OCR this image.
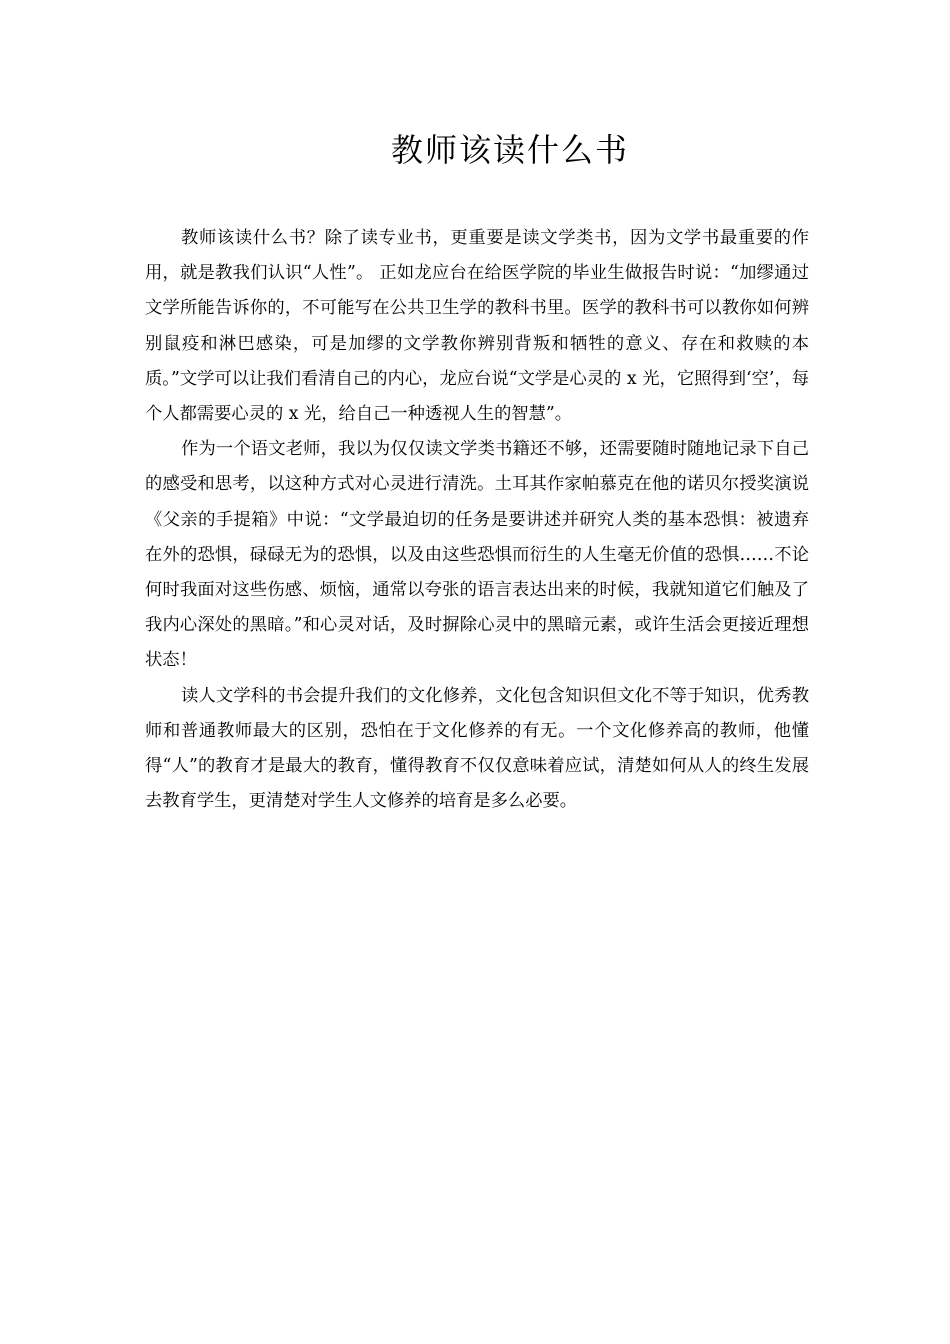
教师该读什么书

教师该读什么书？除了读专业书，更重要是读文学类书，因为文学书最重要的作用，就是教我们认识“人性”。 正如龙应台在给医学院的毕业生做报告时说：“加缪通过文学所能告诉你的，不可能写在公共卫生学的教科书里。医学的教科书可以教你如何辨别鼠疫和淋巴感染，可是加缪的文学教你辨别背叛和牺牲的意义、存在和救赎的本质。”文学可以让我们看清自己的内心，龙应台说“文学是心灵的 x 光，它照得到‘空’，每个人都需要心灵的 x 光，给自己一种透视人生的智慧”。

作为一个语文老师，我以为仅仅读文学类书籍还不够，还需要随时随地记录下自己的感受和思考，以这种方式对心灵进行清洗。土耳其作家帕慕克在他的诺贝尔授奖演说《父亲的手提箱》中说：“文学最迫切的任务是要讲述并研究人类的基本恐惧：被遗弃在外的恐惧，碌碌无为的恐惧，以及由这些恐惧而衍生的人生毫无价值的恐惧……不论何时我面对这些伤感、烦恼，通常以夸张的语言表达出来的时候，我就知道它们触及了我内心深处的黑暗。”和心灵对话，及时摒除心灵中的黑暗元素，或许生活会更接近理想状态！

读人文学科的书会提升我们的文化修养，文化包含知识但文化不等于知识，优秀教师和普通教师最大的区别，恐怕在于文化修养的有无。一个文化修养高的教师，他懂得“人”的教育才是最大的教育，懂得教育不仅仅意味着应试，清楚如何从人的终生发展去教育学生，更清楚对学生人文修养的培育是多么必要。
